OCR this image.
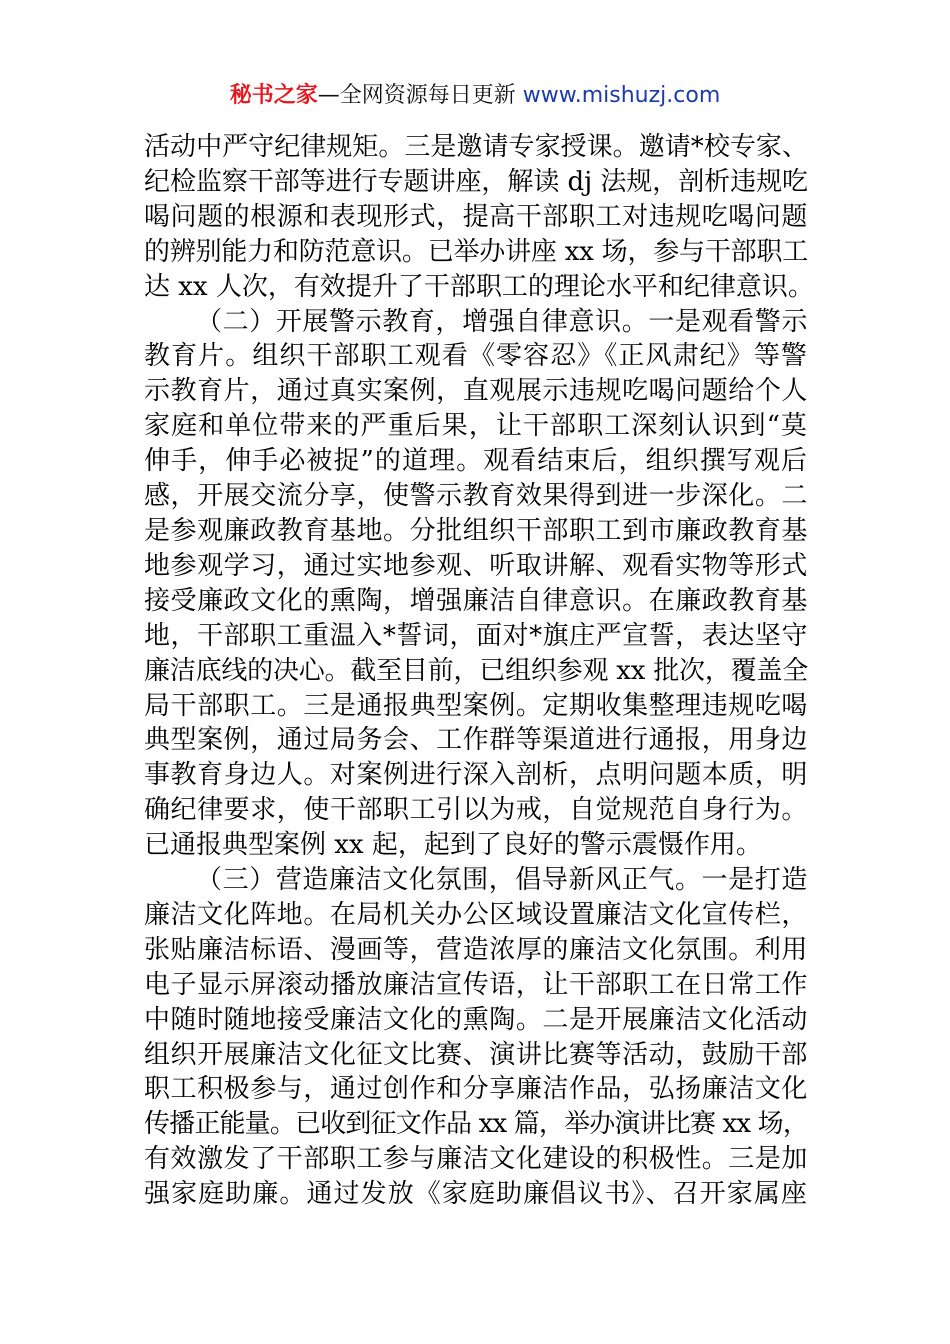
秘书之家—全网资源每日更新 www.mishuzj.com

活动中严守纪律规矩。三是邀请专家授课。邀请*校专家、
纪检监察干部等进行专题讲座，解读 dj 法规，剖析违规吃
喝问题的根源和表现形式，提高干部职工对违规吃喝问题
的辨别能力和防范意识。已举办讲座 xx 场，参与干部职工
达 xx 人次，有效提升了干部职工的理论水平和纪律意识。

（二）开展警示教育，增强自律意识。一是观看警示
教育片。组织干部职工观看《零容忍》《正风肃纪》等警
示教育片，通过真实案例，直观展示违规吃喝问题给个人
家庭和单位带来的严重后果，让干部职工深刻认识到“莫
伸手，伸手必被捉”的道理。观看结束后，组织撰写观后
感，开展交流分享，使警示教育效果得到进一步深化。二
是参观廉政教育基地。分批组织干部职工到市廉政教育基
地参观学习，通过实地参观、听取讲解、观看实物等形式
接受廉政文化的熏陶，增强廉洁自律意识。在廉政教育基
地，干部职工重温入*誓词，面对*旗庄严宣誓，表达坚守
廉洁底线的决心。截至目前，已组织参观 xx 批次，覆盖全
局干部职工。三是通报典型案例。定期收集整理违规吃喝
典型案例，通过局务会、工作群等渠道进行通报，用身边
事教育身边人。对案例进行深入剖析，点明问题本质，明
确纪律要求，使干部职工引以为戒，自觉规范自身行为。
已通报典型案例 xx 起，起到了良好的警示震慑作用。

（三）营造廉洁文化氛围，倡导新风正气。一是打造
廉洁文化阵地。在局机关办公区域设置廉洁文化宣传栏，
张贴廉洁标语、漫画等，营造浓厚的廉洁文化氛围。利用
电子显示屏滚动播放廉洁宣传语，让干部职工在日常工作
中随时随地接受廉洁文化的熏陶。二是开展廉洁文化活动
组织开展廉洁文化征文比赛、演讲比赛等活动，鼓励干部
职工积极参与，通过创作和分享廉洁作品，弘扬廉洁文化
传播正能量。已收到征文作品 xx 篇，举办演讲比赛 xx 场，
有效激发了干部职工参与廉洁文化建设的积极性。三是加
强家庭助廉。通过发放《家庭助廉倡议书》、召开家属座
